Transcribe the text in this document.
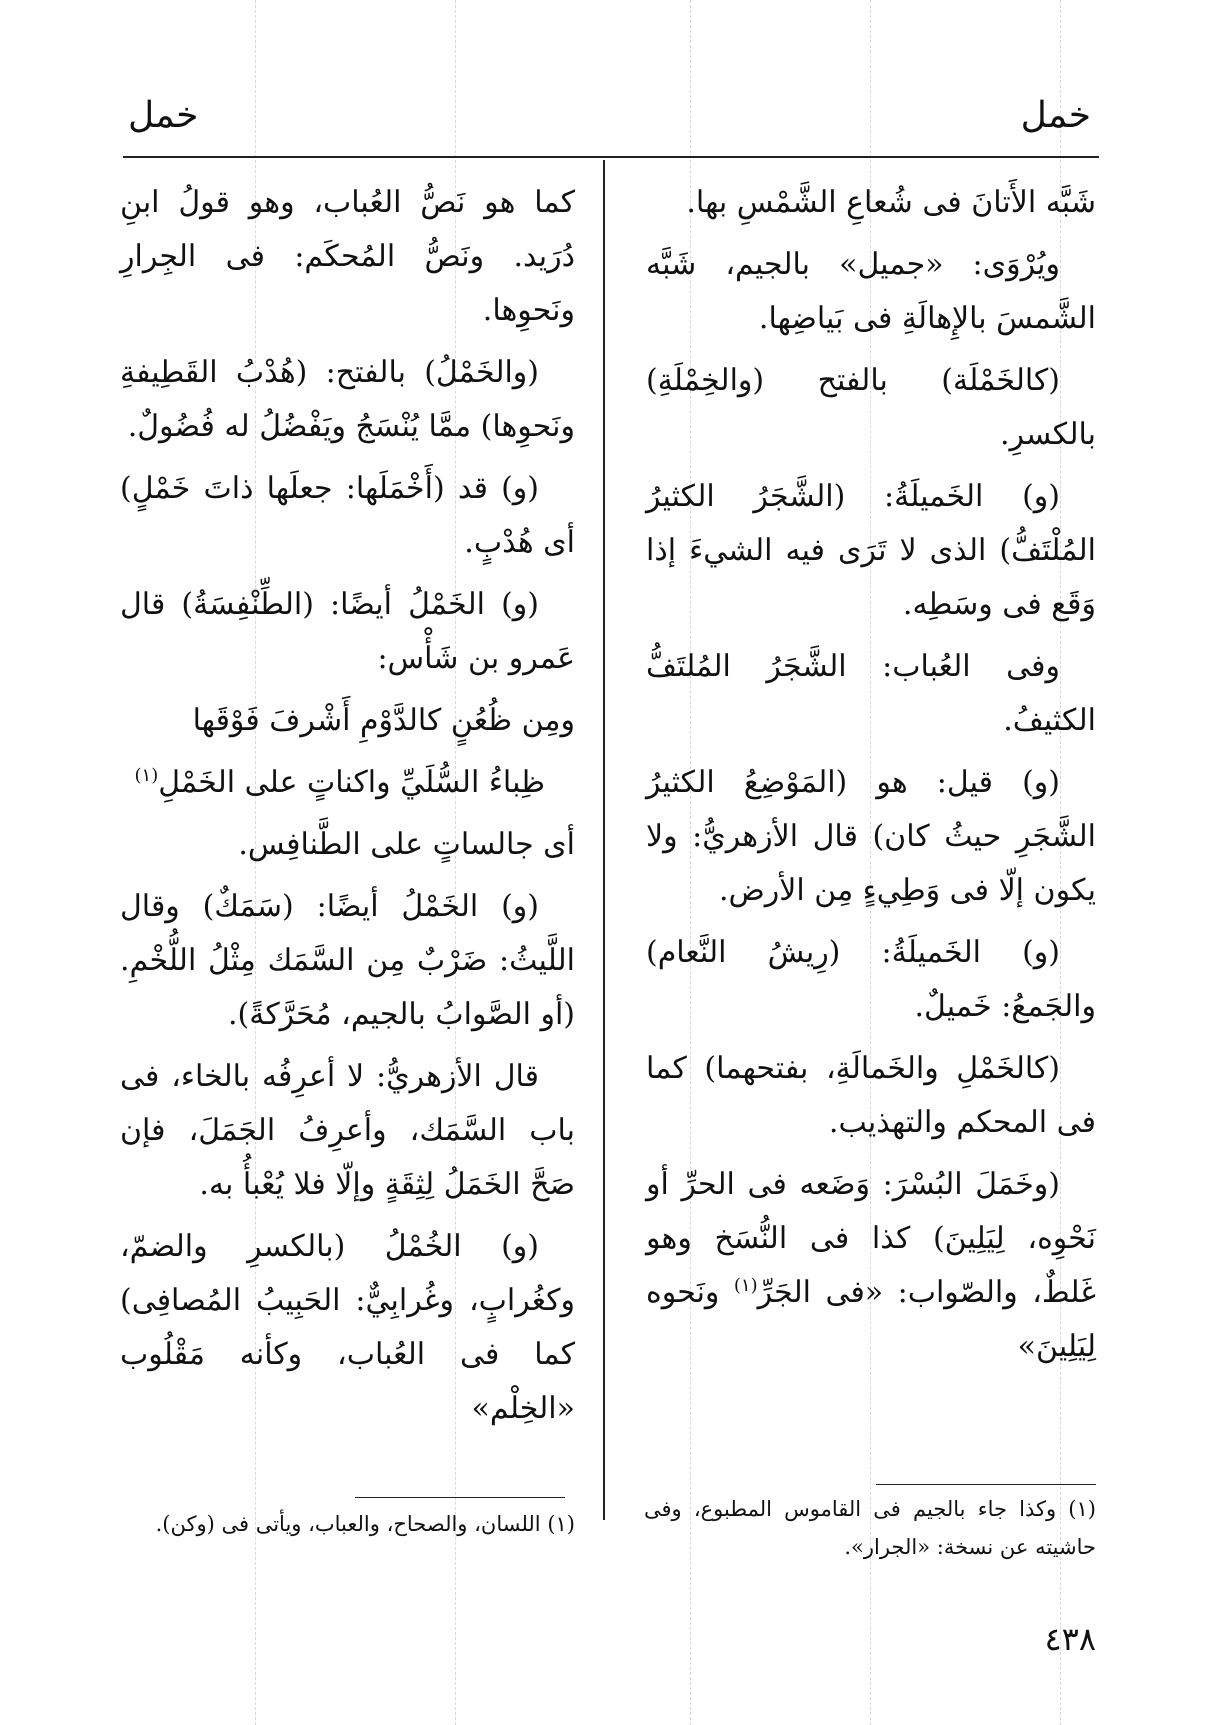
خمل
خمل

شَبَّه الأَتانَ فى شُعاعِ الشَّمْسِ بها.

ويُرْوَى: «جميل» بالجيم، شَبَّه الشَّمسَ بالإِهالَةِ فى بَياضِها.

(كالخَمْلَة) بالفتح (والخِمْلَةِ) بالكسرِ.

(و) الخَميلَةُ: (الشَّجَرُ الكثيرُ المُلْتَفُّ) الذى لا تَرَى فيه الشيءَ إذا وَقَع فى وسَطِه.

وفى العُباب: الشَّجَرُ المُلتَفُّ الكثيفُ.

(و) قيل: هو (المَوْضِعُ الكثيرُ الشَّجَرِ حيثُ كان) قال الأزهريُّ: ولا يكون إلّا فى وَطِيءٍ مِن الأرض.

(و) الخَميلَةُ: (رِيشُ النَّعام) والجَمعُ: خَميلٌ.

(كالخَمْلِ والخَمالَةِ، بفتحهما) كما فى المحكم والتهذيب.

(وخَمَلَ البُسْرَ: وَضَعه فى الحرِّ أو نَحْوِه، لِيَلِينَ) كذا فى النُّسَخ وهو غَلطٌ، والصّواب: «فى الجَرِّ$^{(١)}$ ونَحوه لِيَلِينَ»

(١) وكذا جاء بالجيم فى القاموس المطبوع، وفى حاشيته عن نسخة: «الجرار».

كما هو نَصُّ العُباب، وهو قولُ ابنِ دُرَيد. ونَصُّ المُحكَم: فى الجِرارِ ونَحوِها.

(والخَمْلُ) بالفتح: (هُدْبُ القَطِيفةِ ونَحوِها) ممَّا يُنْسَجُ ويَفْضُلُ له فُضُولٌ.

(و) قد (أَخْمَلَها: جعلَها ذاتَ خَمْلٍ) أى هُدْبٍ.

(و) الخَمْلُ أيضًا: (الطِّنْفِسَةُ) قال عَمرو بن شَأْس:

ومِن ظُعُنٍ كالدَّوْمِ أَشْرفَ فَوْقَها

ظِباءُ السُّلَيِّ واكناتٍ على الخَمْلِ$^{(١)}$

أى جالساتٍ على الطَّنافِس.

(و) الخَمْلُ أيضًا: (سَمَكٌ) وقال اللَّيثُ: ضَرْبٌ مِن السَّمَك مِثْلُ اللُّخْمِ. (أو الصَّوابُ بالجيم، مُحَرَّكةً).

قال الأزهريُّ: لا أعرِفُه بالخاء، فى باب السَّمَك، وأعرِفُ الجَمَلَ، فإن صَحَّ الخَمَلُ لِثِقَةٍ وإلّا فلا يُعْبأُ به.

(و) الخُمْلُ (بالكسرِ والضمّ، وكغُرابٍ، وغُرابِيٌّ: الحَبِيبُ المُصافِى) كما فى العُباب، وكأنه مَقْلُوب «الخِلْم»

(١) اللسان، والصحاح، والعباب، ويأتى فى (وكن).
٤٣٨
